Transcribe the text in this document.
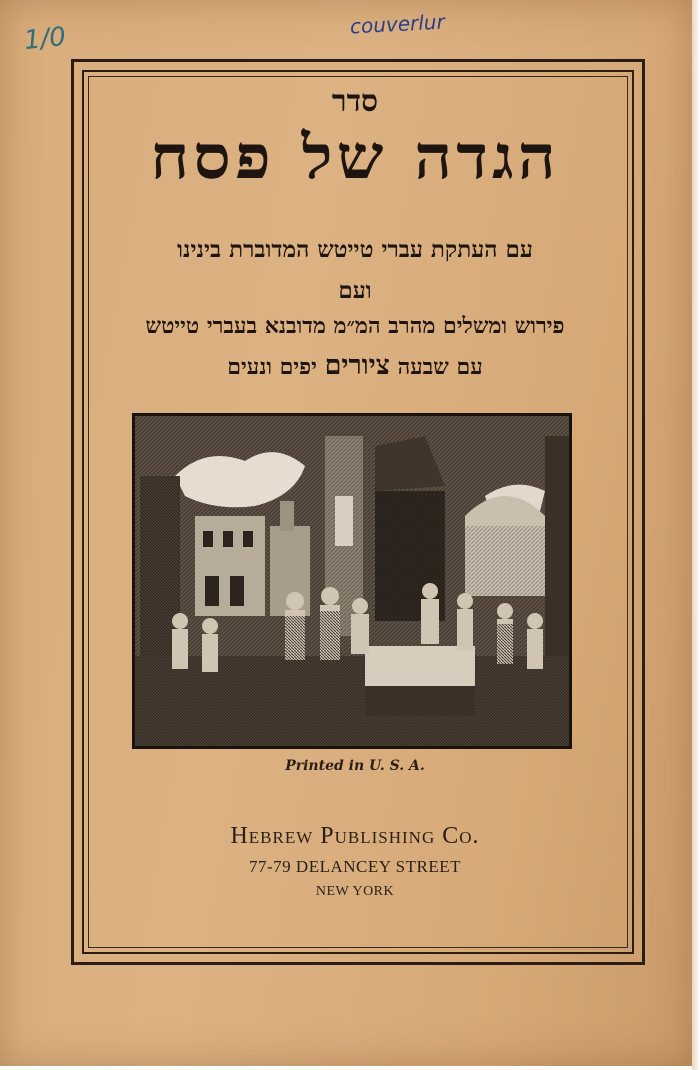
1/0	couverlur
סדר
הגדה של פסח
עם העתקת עברי טייטש המדוברת בינינו
ועם
פירוש ומשלים מהרב המ״מ מדובנא בעברי טייטש
עם שבעה ציורים יפים ונעים
Printed in U. S. A.
Hebrew Publishing Co.
77-79 DELANCEY STREET
NEW YORK
